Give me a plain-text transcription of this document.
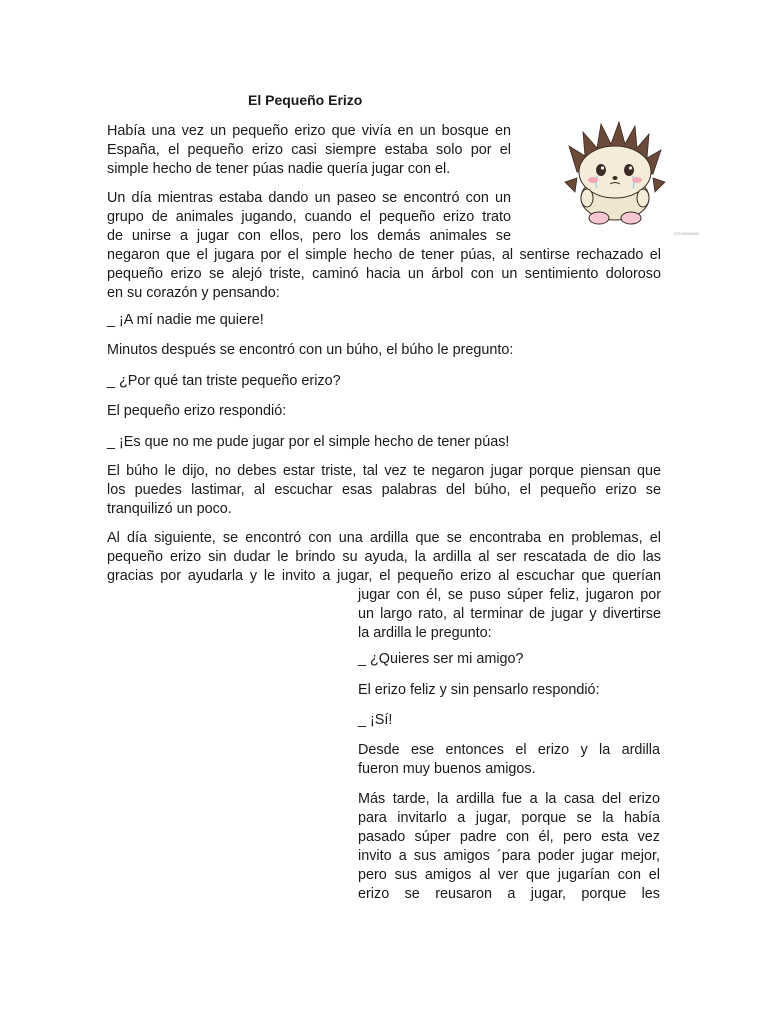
El Pequeño Erizo
Había una vez un pequeño erizo que vivía en un bosque en
España, el pequeño erizo casi siempre estaba solo por el
simple hecho de tener púas nadie quería jugar con el.
Un día mientras estaba dando un paseo se encontró con un
grupo de animales jugando, cuando el pequeño erizo trato
de unirse a jugar con ellos, pero los demás animales se
negaron que el jugara por el simple hecho de tener púas, al sentirse rechazado el
pequeño erizo se alejó triste, caminó hacia un árbol con un sentimiento doloroso
en su corazón y pensando:
_ ¡A mí nadie me quiere!
Minutos después se encontró con un búho, el búho le pregunto:
_ ¿Por qué tan triste pequeño erizo?
El pequeño erizo respondió:
_ ¡Es que no me pude jugar por el simple hecho de tener púas!
El búho le dijo, no debes estar triste, tal vez te negaron jugar porque piensan que
los puedes lastimar, al escuchar esas palabras del búho, el pequeño erizo se
tranquilizó un poco.
Al día siguiente, se encontró con una ardilla que se encontraba en problemas, el
pequeño erizo sin dudar le brindo su ayuda, la ardilla al ser rescatada de dio las
gracias por ayudarla y le invito a jugar, el pequeño erizo al escuchar que querían
jugar con él, se puso súper feliz, jugaron por
un largo rato, al terminar de jugar y divertirse
la ardilla le pregunto:
_ ¿Quieres ser mi amigo?
El erizo feliz y sin pensarlo respondió:
_ ¡Sí!
Desde ese entonces el erizo y la ardilla
fueron muy buenos amigos.
Más tarde, la ardilla fue a la casa del erizo
para invitarlo a jugar, porque se la había
pasado súper padre con él, pero esta vez
invito a sus amigos ´para poder jugar mejor,
pero sus amigos al ver que jugarían con el
erizo se reusaron a jugar, porque les
GOODMAMI
